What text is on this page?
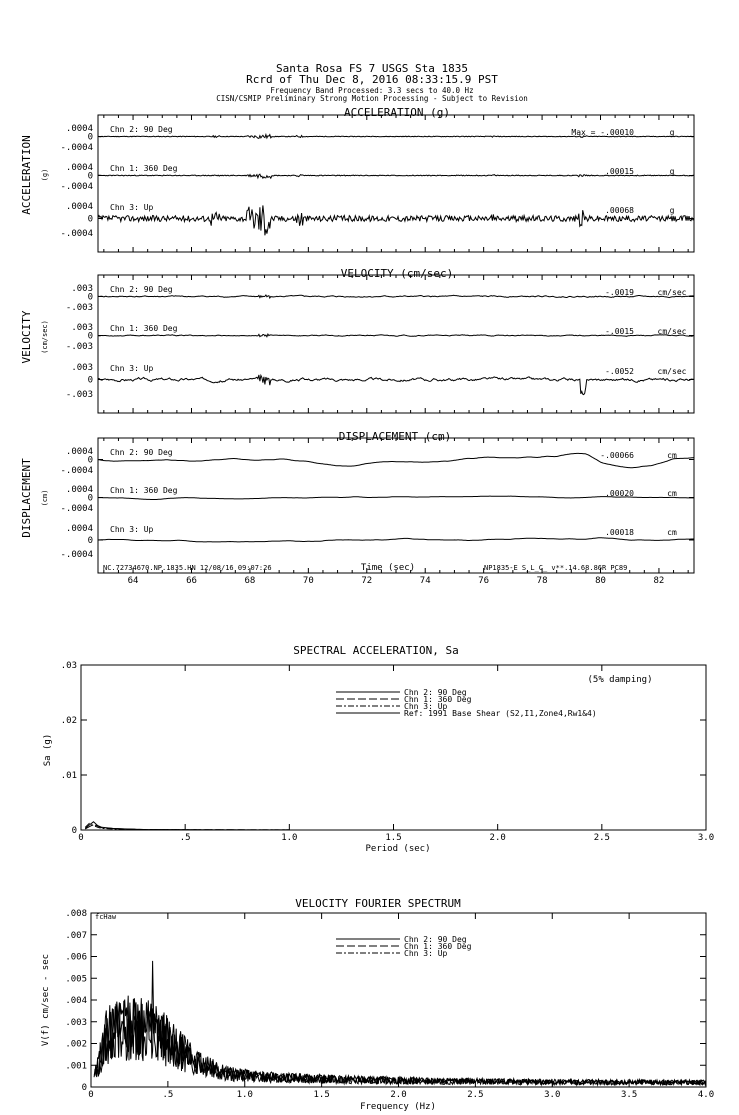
Santa Rosa FS 7 USGS Sta 1835
Rcrd of Thu Dec 8, 2016 08:33:15.9 PST
Frequency Band Processed: 3.3 secs to 40.0 Hz
CISN/CSMIP Preliminary Strong Motion Processing - Subject to Revision
ACCELERATION (g)
ACCELERATION (g)
Chn 2: 90 Deg	Max = -.00010	g
.0004
0
-.0004
Chn 1: 360 Deg	.00015	g
.0004
0
-.0004
Chn 3: Up	.00068	g
.0004
0
-.0004
VELOCITY (cm/sec)
VELOCITY (cm/sec)
Chn 2: 90 Deg	-.0019	cm/sec
.003
0
-.003
Chn 1: 360 Deg	-.0015	cm/sec
.003
0
-.003
Chn 3: Up	-.0052	cm/sec
.003
0
-.003
DISPLACEMENT (cm)
DISPLACEMENT (cm)
Time (sec)
NC.72734670.NP.1835.HN 12/08/16 09:07:26	NP1835-E S_L_C_ v**.14.68.86R PC89
64	66	68	70	72	74	76	78	80	82
Chn 2: 90 Deg	-.00066	cm
.0004
0
-.0004
Chn 1: 360 Deg	.00020	cm
.0004
0
-.0004
Chn 3: Up	.00018	cm
.0004
0
-.0004
SPECTRAL ACCELERATION, Sa
Sa (g)
Period (sec)
(5% damping)
0	.5	1.0	1.5	2.0	2.5	3.0
0
.01
.02
.03
Chn 2: 90 Deg
Chn 1: 360 Deg
Chn 3: Up
Ref: 1991 Base Shear (S2,I1,Zone4,Rw1&4)
VELOCITY FOURIER SPECTRUM
V(f) cm/sec - sec
Frequency (Hz)
fcHaw
0	.5	1.0	1.5	2.0	2.5	3.0	3.5	4.0
0
.001
.002
.003
.004
.005
.006
.007
.008
Chn 2: 90 Deg
Chn 1: 360 Deg
Chn 3: Up
